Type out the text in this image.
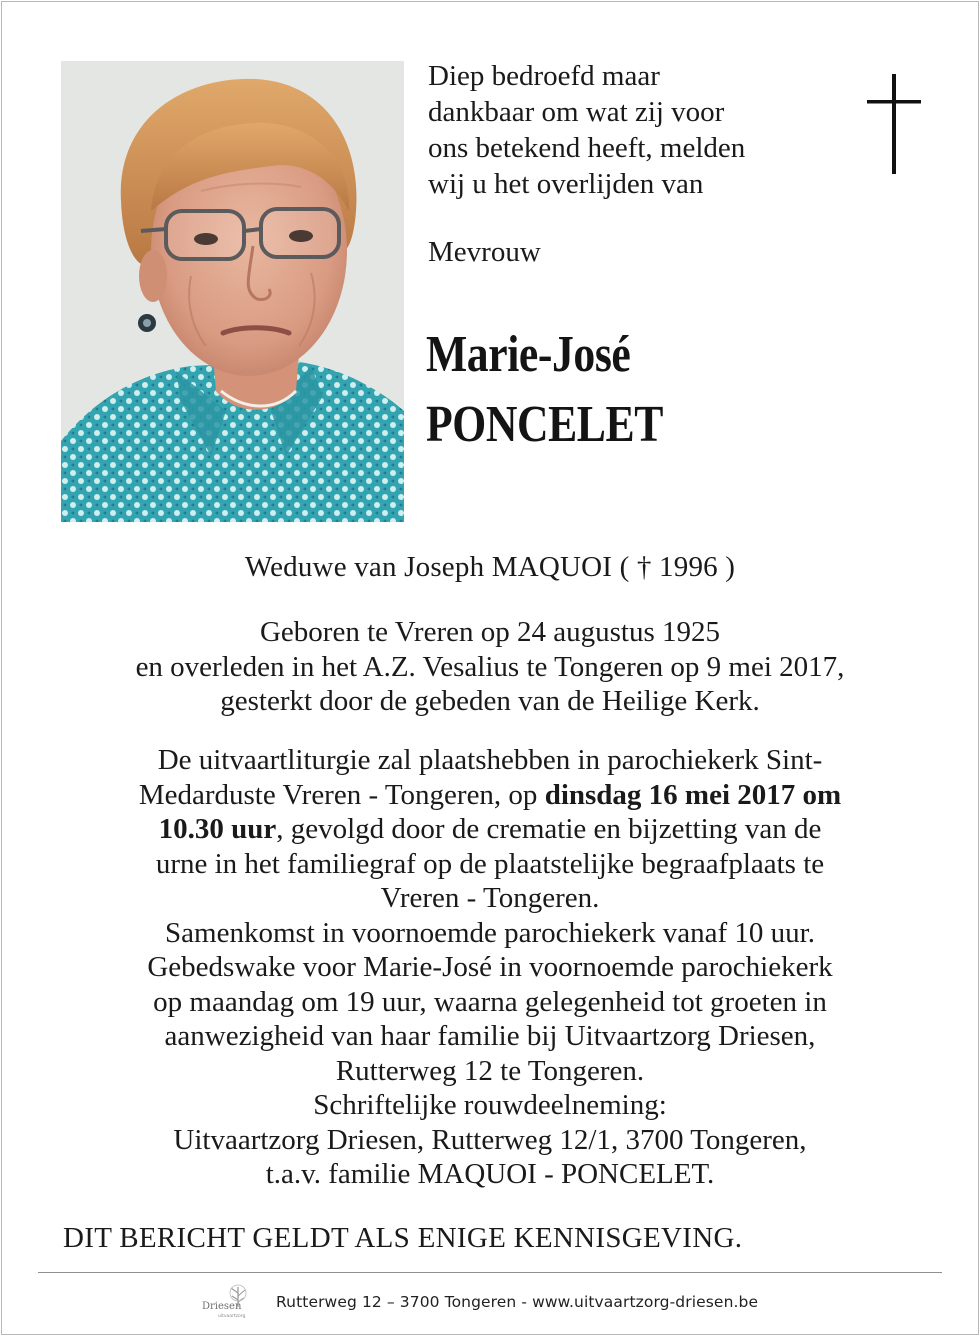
Diep bedroefd maar
dankbaar om wat zij voor
ons betekend heeft, melden
wij u het overlijden van

Mevrouw

Marie-José
PONCELET

Weduwe van Joseph MAQUOI ( † 1996 )

Geboren te Vreren op 24 augustus 1925
en overleden in het A.Z. Vesalius te Tongeren op 9 mei 2017,
gesterkt door de gebeden van de Heilige Kerk.
De uitvaartliturgie zal plaatshebben in parochiekerk Sint-
Medarduste Vreren - Tongeren, op dinsdag 16 mei 2017 om
10.30 uur, gevolgd door de crematie en bijzetting van de
urne in het familiegraf op de plaatstelijke begraafplaats te
Vreren - Tongeren.
Samenkomst in voornoemde parochiekerk vanaf 10 uur.
Gebedswake voor Marie-José in voornoemde parochiekerk
op maandag om 19 uur, waarna gelegenheid tot groeten in
aanwezigheid van haar familie bij Uitvaartzorg Driesen,
Rutterweg 12 te Tongeren.
Schriftelijke rouwdeelneming:
Uitvaartzorg Driesen, Rutterweg 12/1, 3700 Tongeren,
t.a.v. familie MAQUOI - PONCELET.

DIT BERICHT GELDT ALS ENIGE KENNISGEVING.

Driesen
uitvaartzorg
Rutterweg 12 – 3700 Tongeren - www.uitvaartzorg-driesen.be
